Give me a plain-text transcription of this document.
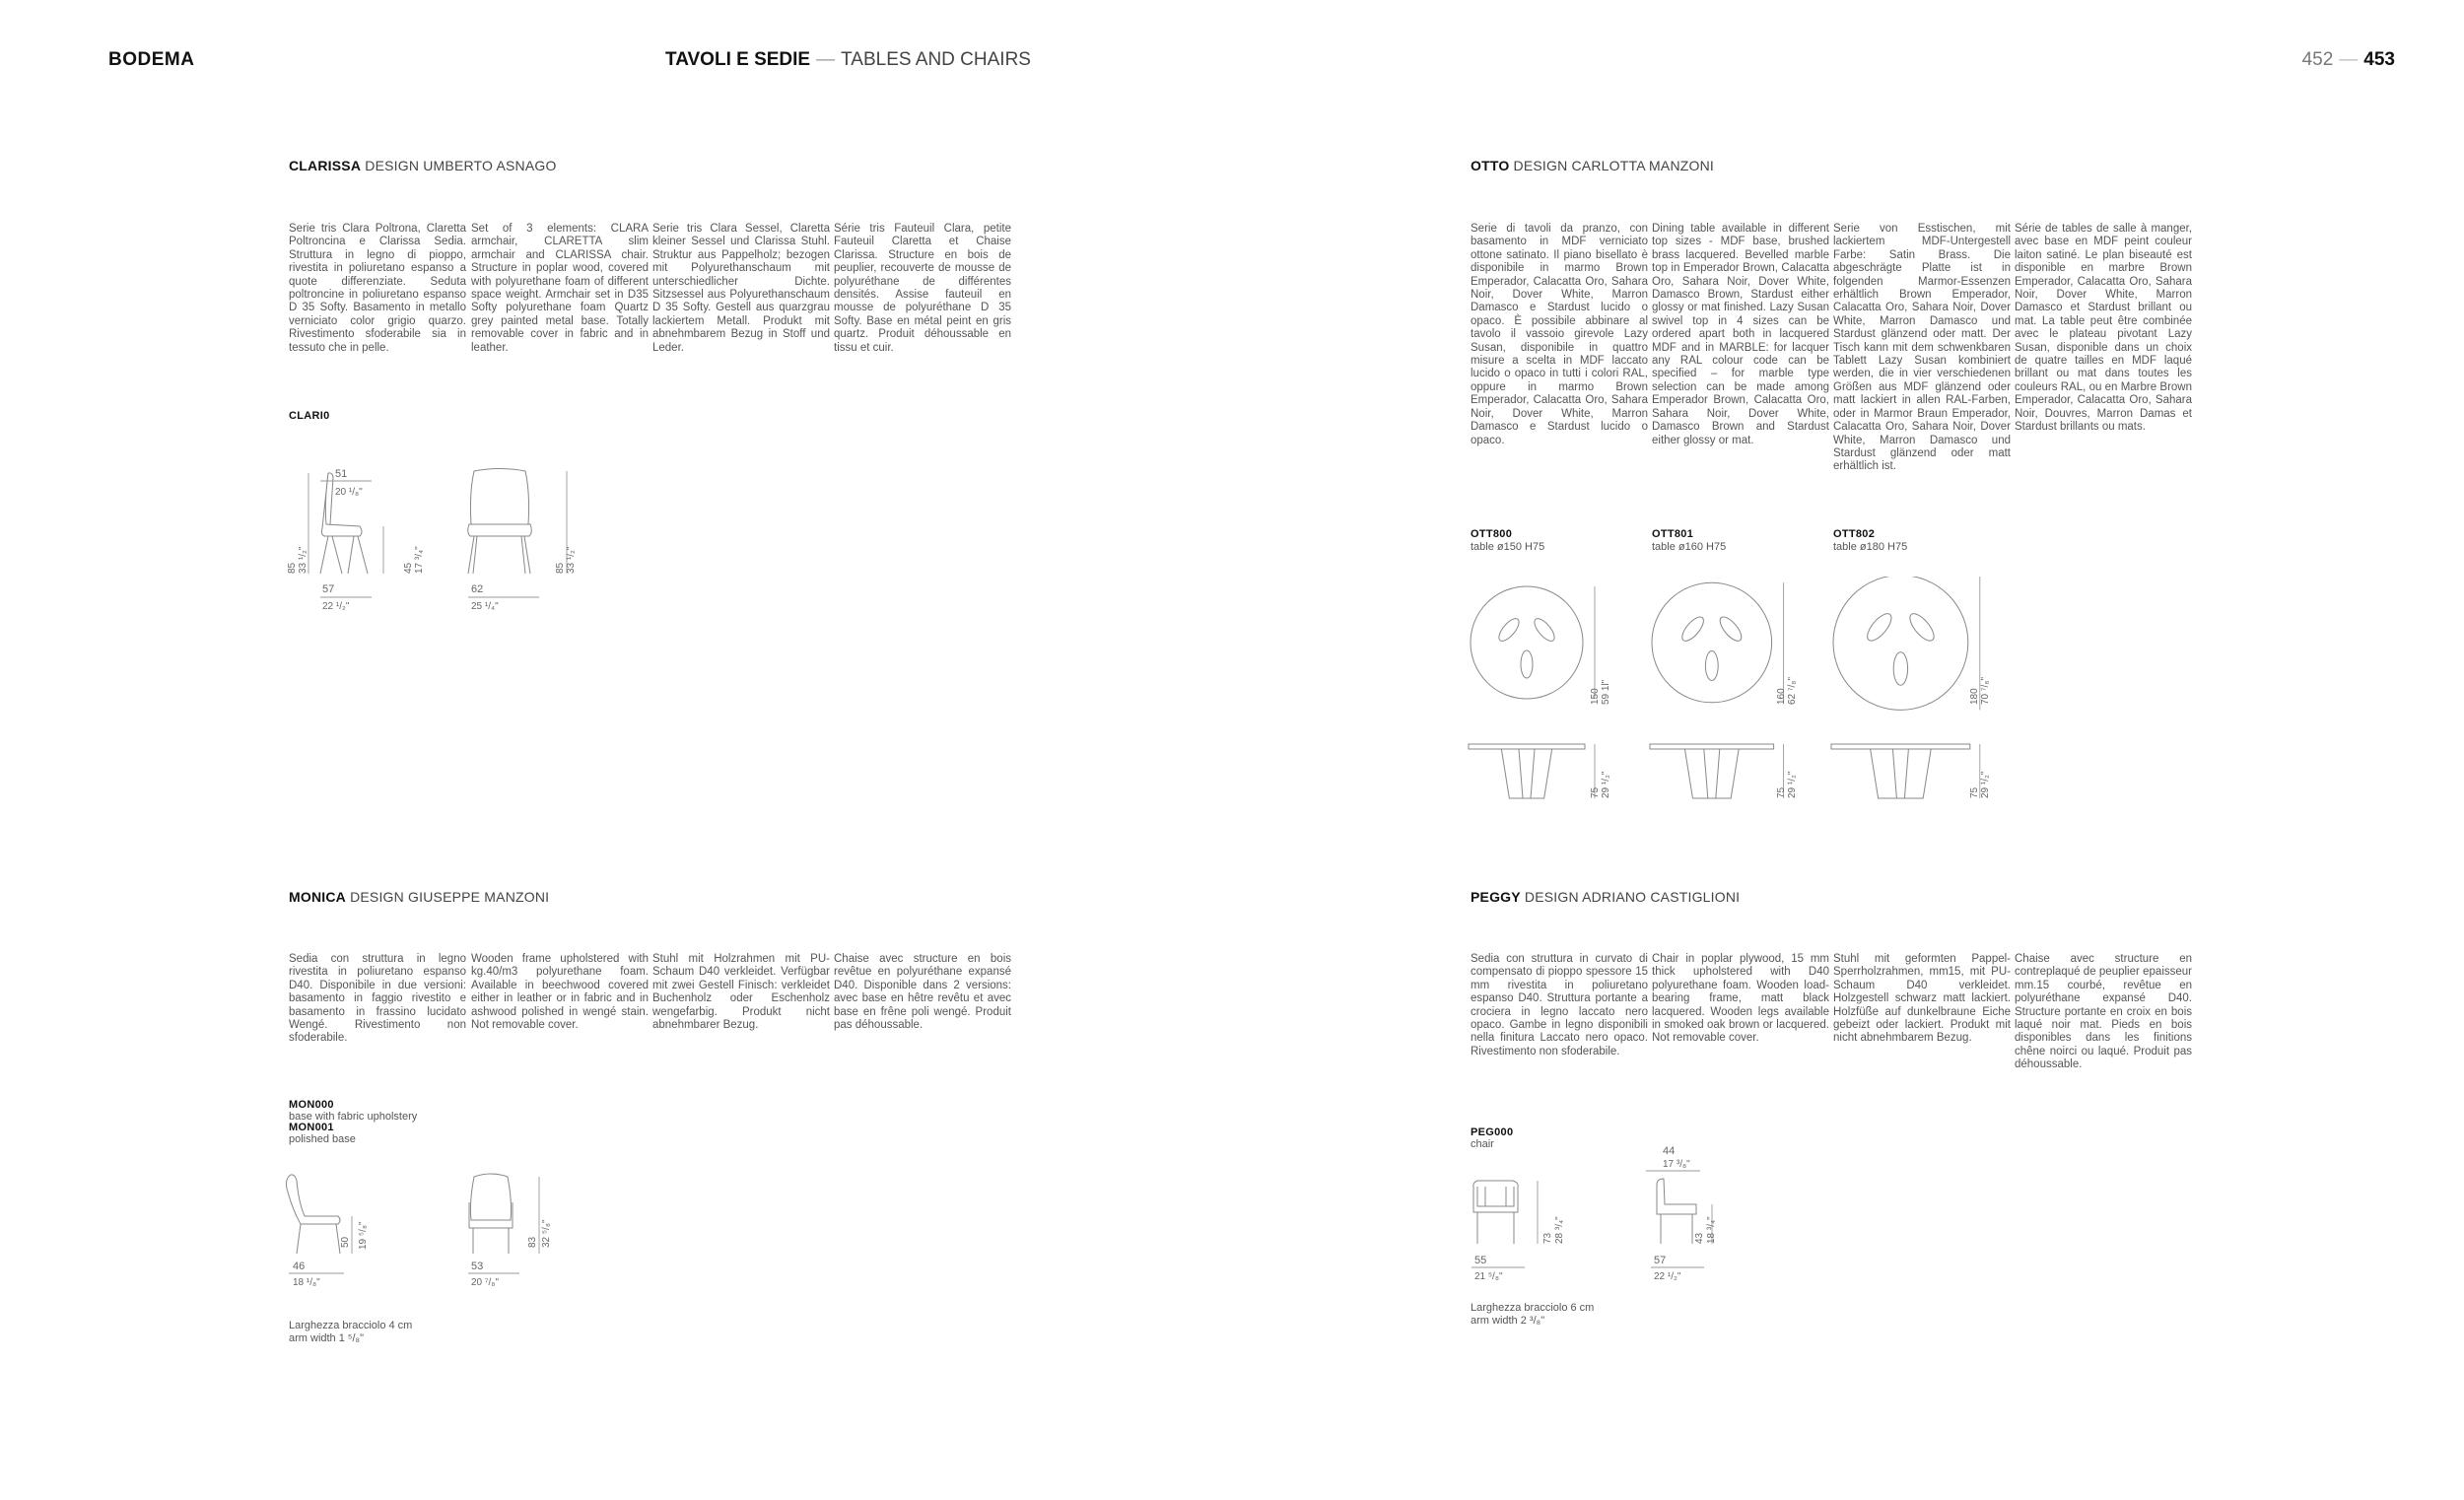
BODEMA	TAVOLI E SEDIE — TABLES AND CHAIRS	452 — 453
CLARISSA DESIGN UMBERTO ASNAGO
Serie tris Clara Poltrona, Claretta Poltroncina e Clarissa Sedia. Struttura in legno di pioppo, rivestita in poliuretano espanso a quote differenziate. Seduta poltroncine in poliuretano espanso D 35 Softy. Basamento in metallo verniciato color grigio quarzo. Rivestimento sfoderabile sia in tessuto che in pelle.
Set of 3 elements: CLARA armchair, CLARETTA slim armchair and CLARISSA chair. Structure in poplar wood, covered with polyurethane foam of different space weight. Armchair set in D35 Softy polyurethane foam Quartz grey painted metal base. Totally removable cover in fabric and in leather.
Serie tris Clara Sessel, Claretta kleiner Sessel und Clarissa Stuhl. Struktur aus Pappelholz; bezogen mit Polyurethanschaum mit unterschiedlicher Dichte. Sitzsessel aus Polyurethanschaum D 35 Softy. Gestell aus quarzgrau lackiertem Metall. Produkt mit abnehmbarem Bezug in Stoff und Leder.
Série tris Fauteuil Clara, petite Fauteuil Claretta et Chaise Clarissa. Structure en bois de peuplier, recouverte de mousse de polyuréthane de différentes densités. Assise fauteuil en mousse de polyuréthane D 35 Softy. Base en métal peint en gris quartz. Produit déhoussable en tissu et cuir.
CLARI0
51
20 ¹/₈"
85 33 ¹/₂"	45 17 ³/₄"
57
22 ¹/₂"
62
25 ¹/₄"
85 33 ¹/₂"
OTTO DESIGN CARLOTTA MANZONI
Serie di tavoli da pranzo, con basamento in MDF verniciato ottone satinato. Il piano bisellato è disponibile in marmo Brown Emperador, Calacatta Oro, Sahara Noir, Dover White, Marron Damasco e Stardust lucido o opaco. È possibile abbinare al tavolo il vassoio girevole Lazy Susan, disponibile in quattro misure a scelta in MDF laccato lucido o opaco in tutti i colori RAL, oppure in marmo Brown Emperador, Calacatta Oro, Sahara Noir, Dover White, Marron Damasco e Stardust lucido o opaco.
Dining table available in different top sizes - MDF base, brushed brass lacquered. Bevelled marble top in Emperador Brown, Calacatta Oro, Sahara Noir, Dover White, Damasco Brown, Stardust either glossy or mat finished. Lazy Susan swivel top in 4 sizes can be ordered apart both in lacquered MDF and in MARBLE: for lacquer any RAL colour code can be specified – for marble type selection can be made among Emperador Brown, Calacatta Oro, Sahara Noir, Dover White, Damasco Brown and Stardust either glossy or mat.
Serie von Esstischen, mit lackiertem MDF-Untergestell Farbe: Satin Brass. Die abgeschrägte Platte ist in folgenden Marmor-Essenzen erhältlich Brown Emperador, Calacatta Oro, Sahara Noir, Dover White, Marron Damasco und Stardust glänzend oder matt. Der Tisch kann mit dem schwenkbaren Tablett Lazy Susan kombiniert werden, die in vier verschiedenen Größen aus MDF glänzend oder matt lackiert in allen RAL-Farben, oder in Marmor Braun Emperador, Calacatta Oro, Sahara Noir, Dover White, Marron Damasco und Stardust glänzend oder matt erhältlich ist.
Série de tables de salle à manger, avec base en MDF peint couleur laiton satiné. Le plan biseauté est disponible en marbre Brown Emperador, Calacatta Oro, Sahara Noir, Dover White, Marron Damasco et Stardust brillant ou mat. La table peut être combinée avec le plateau pivotant Lazy Susan, disponible dans un choix de quatre tailles en MDF laqué brillant ou mat dans toutes les couleurs RAL, ou en Marbre Brown Emperador, Calacatta Oro, Sahara Noir, Douvres, Marron Damas et Stardust brillants ou mats.
OTT800
table ø150 H75
OTT801
table ø160 H75
OTT802
table ø180 H75
150 59 1l"
75 29 ¹/₂"
160 62 ⁷/₈"
75 29 ¹/₂"
180 70 ⁷/₈"
75 29 ¹/₂"
MONICA DESIGN GIUSEPPE MANZONI
Sedia con struttura in legno rivestita in poliuretano espanso D40. Disponibile in due versioni: basamento in faggio rivestito e basamento in frassino lucidato Wengé. Rivestimento non sfoderabile.
Wooden frame upholstered with kg.40/m3 polyurethane foam. Available in beechwood covered either in leather or in fabric and in ashwood polished in wengé stain. Not removable cover.
Stuhl mit Holzrahmen mit PU-Schaum D40 verkleidet. Verfügbar mit zwei Gestell Finisch: verkleidet Buchenholz oder Eschenholz wengefarbig. Produkt nicht abnehmbarer Bezug.
Chaise avec structure en bois revêtue en polyuréthane expansé D40. Disponible dans 2 versions: avec base en hêtre revêtu et avec base en frêne poli wengé. Produit pas déhoussable.
MON000
base with fabric upholstery
MON001
polished base
50 19 ⁵/₈"
46
18 ¹/₈"
83 32 ⁵/₈"
53
20 ⁷/₈"
Larghezza bracciolo 4 cm
arm width 1 ⁵/₈"
PEGGY DESIGN ADRIANO CASTIGLIONI
Sedia con struttura in curvato di compensato di pioppo spessore 15 mm rivestita in poliuretano espanso D40. Struttura portante a crociera in legno laccato nero opaco. Gambe in legno disponibili nella finitura Laccato nero opaco. Rivestimento non sfoderabile.
Chair in poplar plywood, 15 mm thick upholstered with D40 polyurethane foam. Wooden load-bearing frame, matt black lacquered. Wooden legs available in smoked oak brown or lacquered. Not removable cover.
Stuhl mit geformten Pappel-Sperrholzrahmen, mm15, mit PU-Schaum D40 verkleidet. Holzgestell schwarz matt lackiert. Holzfüße auf dunkelbraune Eiche gebeizt oder lackiert. Produkt mit nicht abnehmbarem Bezug.
Chaise avec structure en contreplaqué de peuplier epaisseur mm.15 courbé, revêtue en polyuréthane expansé D40. Structure portante en croix en bois laqué noir mat. Pieds en bois disponibles dans les finitions chêne noirci ou laqué. Produit pas déhoussable.
PEG000
chair
44
17 ³/₈"
73 28 ³/₄"
55
21 ⁵/₈"
43 18 ³/₄"
57
22 ¹/₂"
Larghezza bracciolo 6 cm
arm width 2 ³/₈"
